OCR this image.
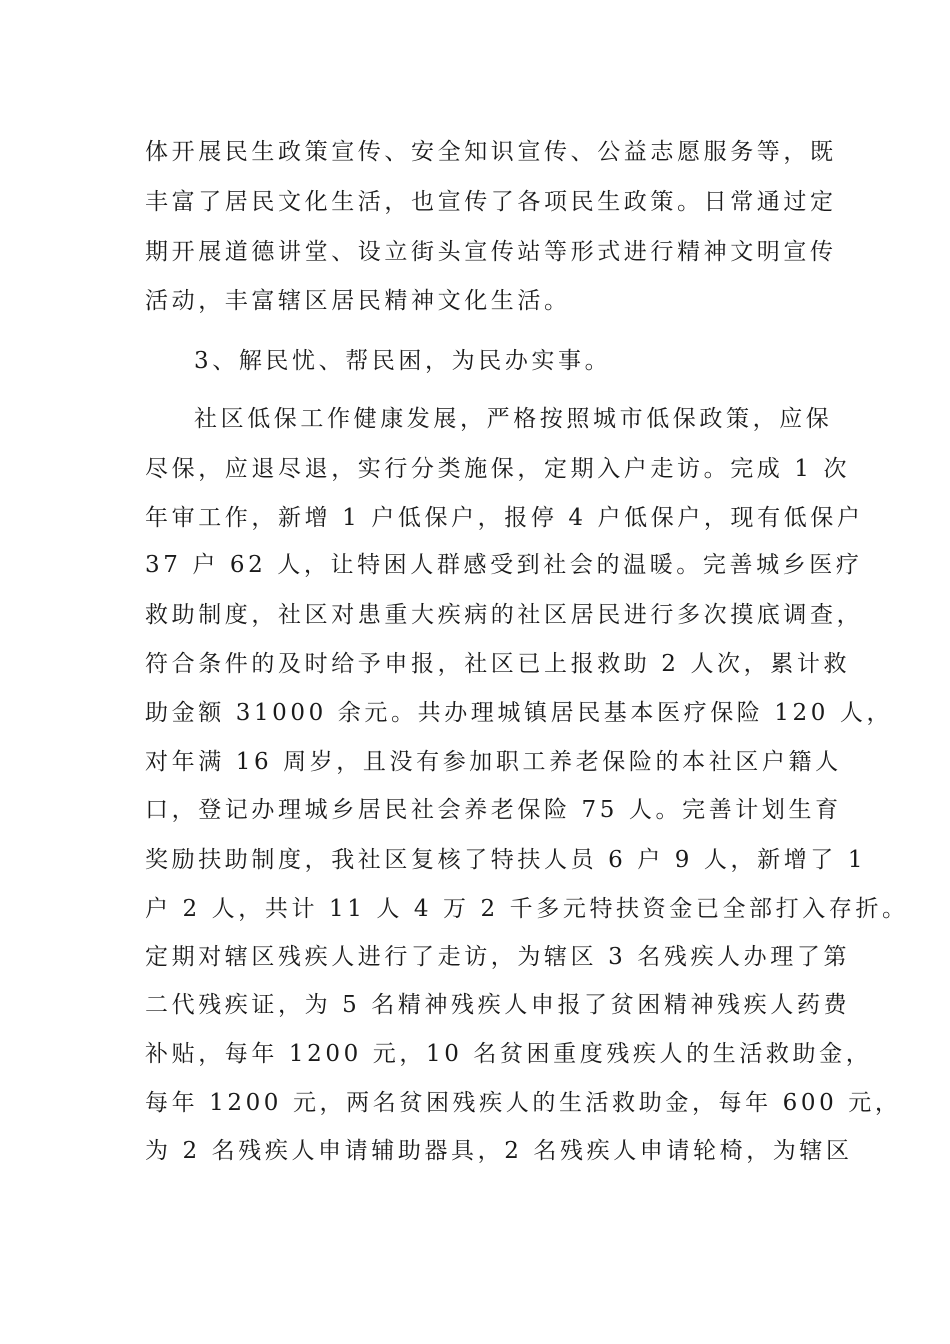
体开展民生政策宣传、安全知识宣传、公益志愿服务等，既
丰富了居民文化生活，也宣传了各项民生政策。日常通过定
期开展道德讲堂、设立街头宣传站等形式进行精神文明宣传
活动，丰富辖区居民精神文化生活。
3、解民忧、帮民困，为民办实事。
社区低保工作健康发展，严格按照城市低保政策，应保
尽保，应退尽退，实行分类施保，定期入户走访。完成 1 次
年审工作，新增 1 户低保户，报停 4 户低保户，现有低保户
37 户 62 人，让特困人群感受到社会的温暖。完善城乡医疗
救助制度，社区对患重大疾病的社区居民进行多次摸底调查，
符合条件的及时给予申报，社区已上报救助 2 人次，累计救
助金额 31000 余元。共办理城镇居民基本医疗保险 120 人，
对年满 16 周岁，且没有参加职工养老保险的本社区户籍人
口，登记办理城乡居民社会养老保险 75 人。完善计划生育
奖励扶助制度，我社区复核了特扶人员 6 户 9 人，新增了 1
户 2 人，共计 11 人 4 万 2 千多元特扶资金已全部打入存折。
定期对辖区残疾人进行了走访，为辖区 3 名残疾人办理了第
二代残疾证，为 5 名精神残疾人申报了贫困精神残疾人药费
补贴，每年 1200 元，10 名贫困重度残疾人的生活救助金，
每年 1200 元，两名贫困残疾人的生活救助金，每年 600 元，
为 2 名残疾人申请辅助器具，2 名残疾人申请轮椅，为辖区
